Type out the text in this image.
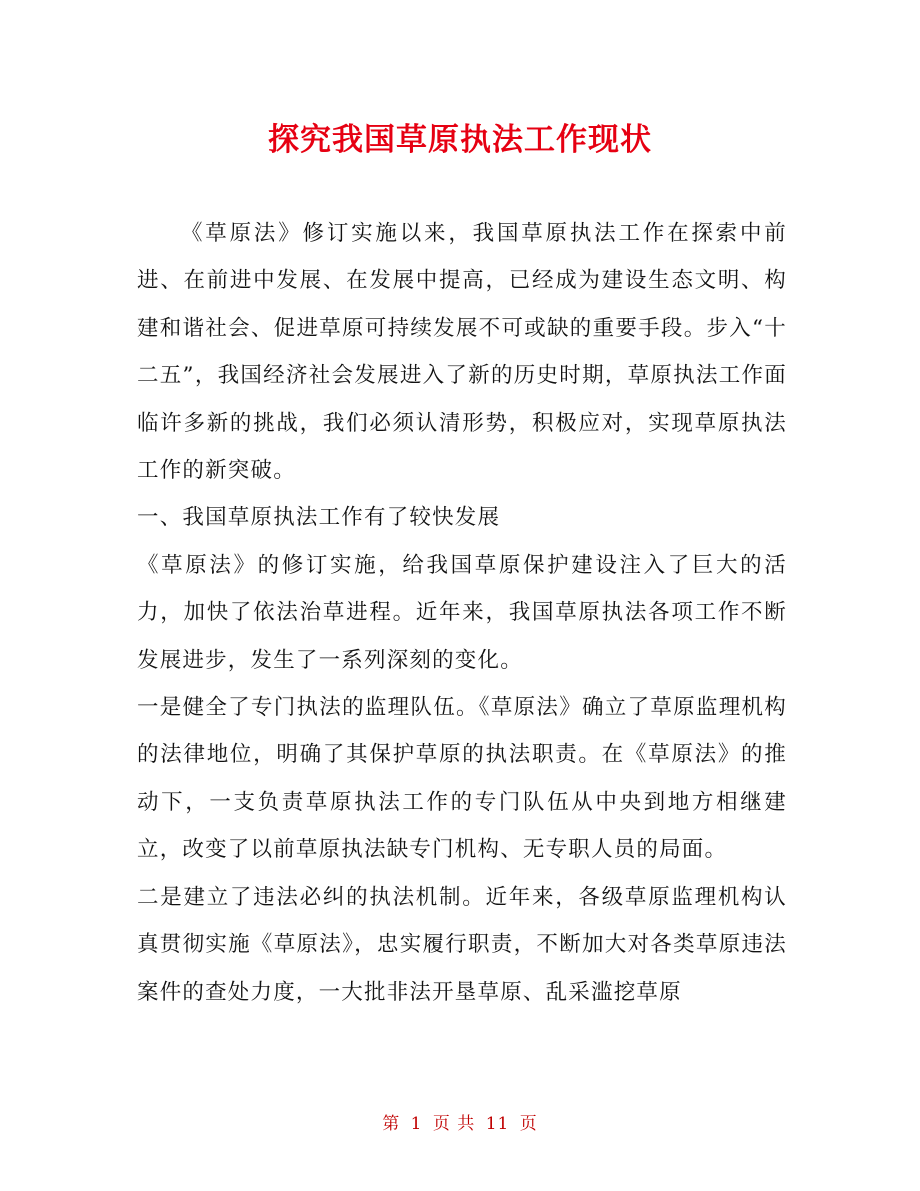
探究我国草原执法工作现状

《草原法》修订实施以来，我国草原执法工作在探索中前进、在前进中发展、在发展中提高，已经成为建设生态文明、构建和谐社会、促进草原可持续发展不可或缺的重要手段。步入“十二五”，我国经济社会发展进入了新的历史时期，草原执法工作面临许多新的挑战，我们必须认清形势，积极应对，实现草原执法工作的新突破。

一、我国草原执法工作有了较快发展

《草原法》的修订实施，给我国草原保护建设注入了巨大的活力，加快了依法治草进程。近年来，我国草原执法各项工作不断发展进步，发生了一系列深刻的变化。

一是健全了专门执法的监理队伍。《草原法》确立了草原监理机构的法律地位，明确了其保护草原的执法职责。在《草原法》的推动下，一支负责草原执法工作的专门队伍从中央到地方相继建立，改变了以前草原执法缺专门机构、无专职人员的局面。

二是建立了违法必纠的执法机制。近年来，各级草原监理机构认真贯彻实施《草原法》，忠实履行职责，不断加大对各类草原违法案件的查处力度，一大批非法开垦草原、乱采滥挖草原

第 1 页 共 11 页
